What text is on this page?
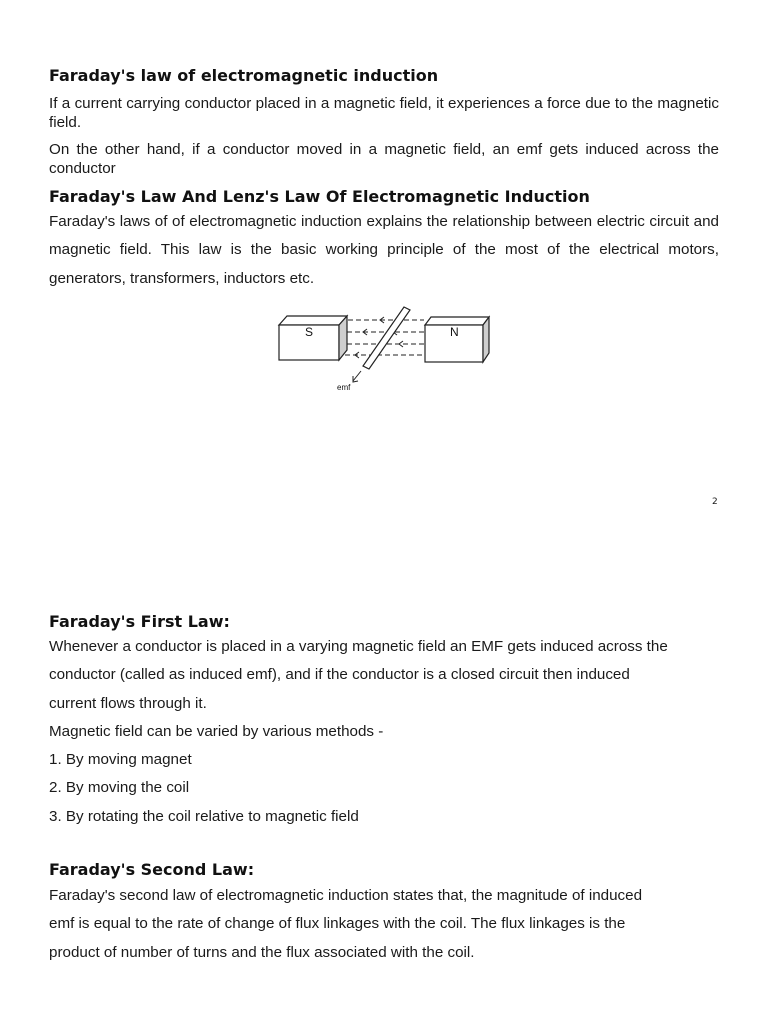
Faraday's law of electromagnetic induction
If a current carrying conductor placed in a magnetic field, it experiences a force due to the magnetic field.
On the other hand, if a conductor moved in a magnetic field, an emf gets induced across the conductor
Faraday's Law And Lenz's Law Of Electromagnetic Induction
Faraday's laws of of electromagnetic induction explains the relationship between electric circuit and magnetic field. This law is the basic working principle of the most of the electrical motors, generators, transformers, inductors etc.
S	N
emf
2
Faraday's First Law:
Whenever a conductor is placed in a varying magnetic field an EMF gets induced across the
conductor (called as induced emf), and if the conductor is a closed circuit then induced
current flows through it.
Magnetic field can be varied by various methods -
1. By moving magnet
2. By moving the coil
3. By rotating the coil relative to magnetic field
Faraday's Second Law:
Faraday's second law of electromagnetic induction states that, the magnitude of induced
emf is equal to the rate of change of flux linkages with the coil. The flux linkages is the
product of number of turns and the flux associated with the coil.
